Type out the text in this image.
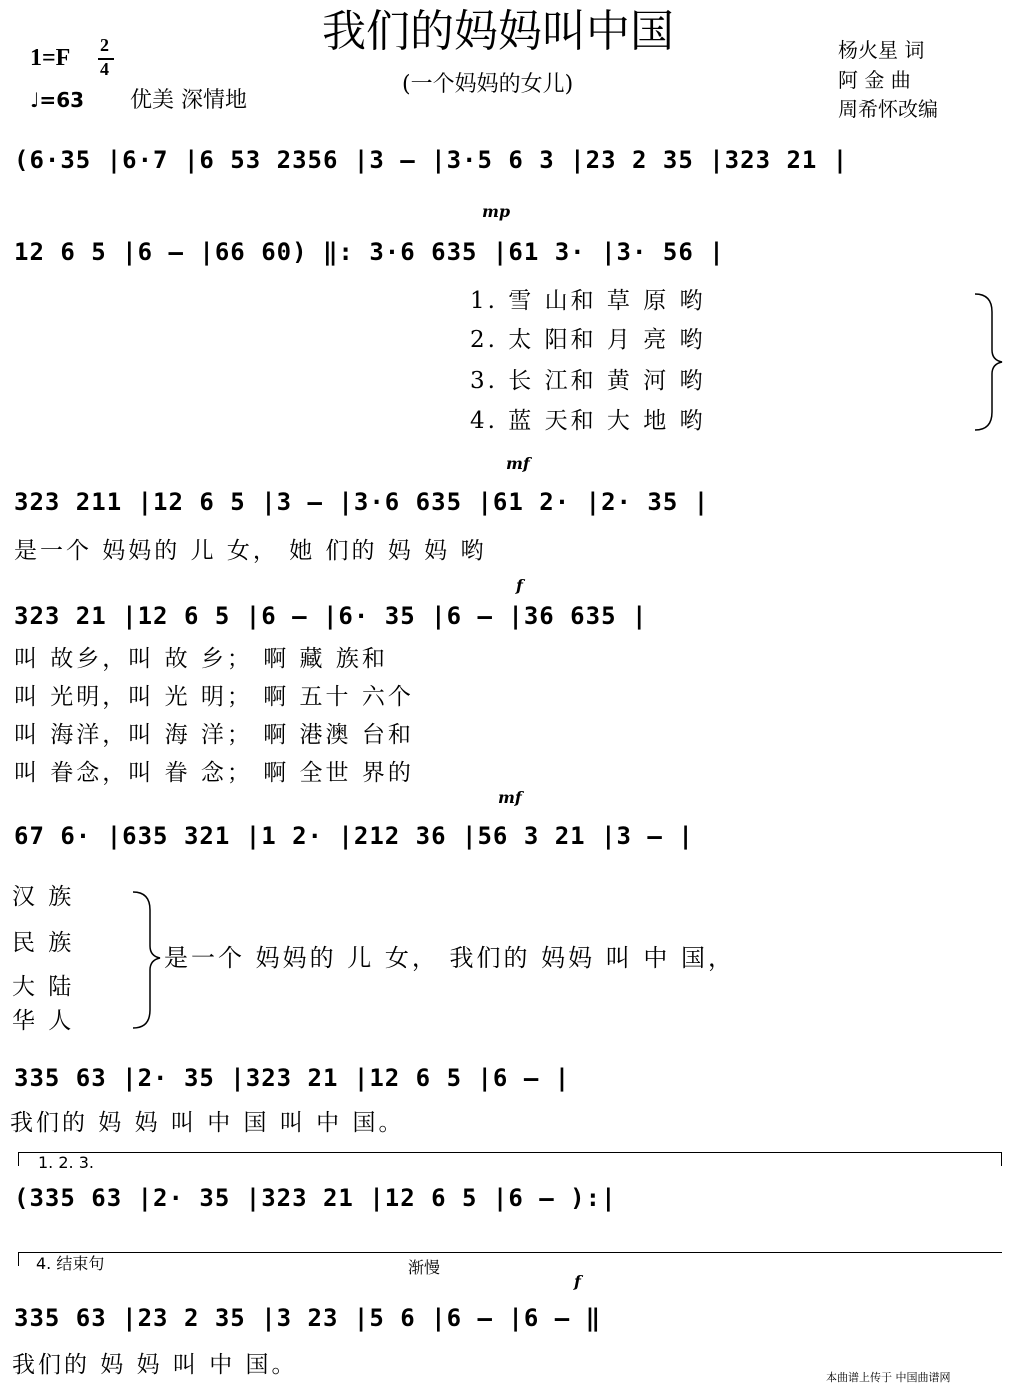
我们的妈妈叫中国
(一个妈妈的女儿)
1=F 2
4
♩=63 优美 深情地
杨火星 词
阿 金 曲
周希怀改编
(6·35 |6·7 |6 53 2356 |3 – |3·5 6 3 |23 2 35 |323 21 |
mp
12 6 5 |6 – |66 60) ‖: 3·6 635 |61 3· |3· 56 |
1. 雪 山和 草 原 哟
2. 太 阳和 月 亮 哟
3. 长 江和 黄 河 哟
4. 蓝 天和 大 地 哟
mf
323 211 |12 6 5 |3 – |3·6 635 |61 2· |2· 35 |
是一个 妈妈的 儿 女， 她 们的 妈 妈 哟
f
323 21 |12 6 5 |6 – |6· 35 |6 – |36 635 |
叫 故乡，叫 故 乡； 啊 藏 族和
叫 光明，叫 光 明； 啊 五十 六个
叫 海洋，叫 海 洋； 啊 港澳 台和
叫 眷念，叫 眷 念； 啊 全世 界的
mf
67 6· |635 321 |1 2· |212 36 |56 3 21 |3 – |
汉 族
民 族
大 陆
华 人
是一个 妈妈的 儿 女， 我们的 妈妈 叫 中 国，
335 63 |2· 35 |323 21 |12 6 5 |6 – |
我们的 妈 妈 叫 中 国 叫 中 国。
1. 2. 3.
(335 63 |2· 35 |323 21 |12 6 5 |6 – ):|
4. 结束句	渐慢
f
335 63 |23 2 35 |3 23 |5 6 |6 – |6 – ‖
我们的 妈 妈 叫 中 国。	本曲谱上传于 中国曲谱网
